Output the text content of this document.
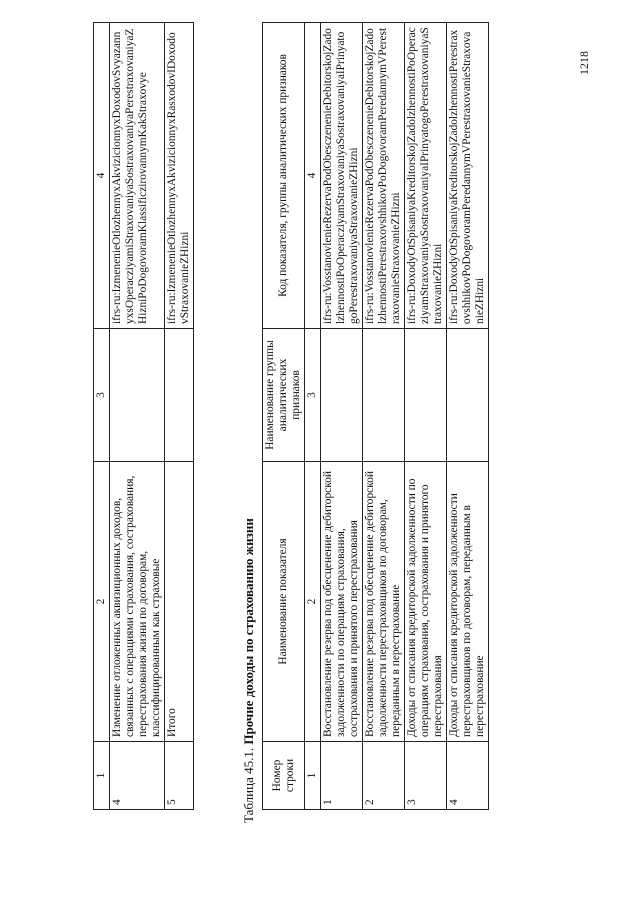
1	2	3	4
4	Изменение отложенных аквизиционных доходов, связанных с операциями страхования, сострахования, перестрахования жизни по договорам, классифицированным как страховые		ifrs-ru:IzmenenieOtlozhennyxAkvizicionnyxDoxodovSvyazannyxsOperacziyamiStraxovaniyaSostraxovaniyaPerestraxovaniyaZHizniPoDogovoramKlassificzirovannymKakStraxovye
5	Итого		ifrs-ru:IzmenenieOtlozhennyxAkvizicionnyxRasxodovIDoxodovStraxovanieZHizni
Таблица 45.1. Прочие доходы по страхованию жизни
Номер строки	Наименование показателя	Наименование группы аналитических признаков	Код показателя, группы аналитических признаков
1	2	3	4
1	Восстановление резерва под обесценение дебиторской задолженности по операциям страхования, сострахования и принятого перестрахования		ifrs-ru:VosstanovlenieRezervaPodObesczenenieDebitorskojZadolzhennostiPoOperacziyamStraxovaniyaSostraxovaniyaIPrinyatogoPerestraxovaniyaStraxovanieZHizni
2	Восстановление резерва под обесценение дебиторской задолженности перестраховщиков по договорам, переданным в перестрахование		ifrs-ru:VosstanovlenieRezervaPodObesczenenieDebitorskojZadolzhennostiPerestraxovshhikovPoDogovoramPeredannymVPerestraxovanieStraxovanieZHizni
3	Доходы от списания кредиторской задолженности по операциям страхования, сострахования и принятого перестрахования		ifrs-ru:DoxodyOtSpisaniyaKreditorskojZadolzhennostiPoOperacziyamStraxovaniyaSostraxovaniyaIPrinyatogoPerestraxovaniyaStraxovanieZHizni
4	Доходы от списания кредиторской задолженности перестраховщиков по договорам, переданным в перестрахование		ifrs-ru:DoxodyOtSpisaniyaKreditorskojZadolzhennostiPerestraxovshhikovPoDogovoramPeredannymVPerestraxovanieStraxovanieZHizni
1218
